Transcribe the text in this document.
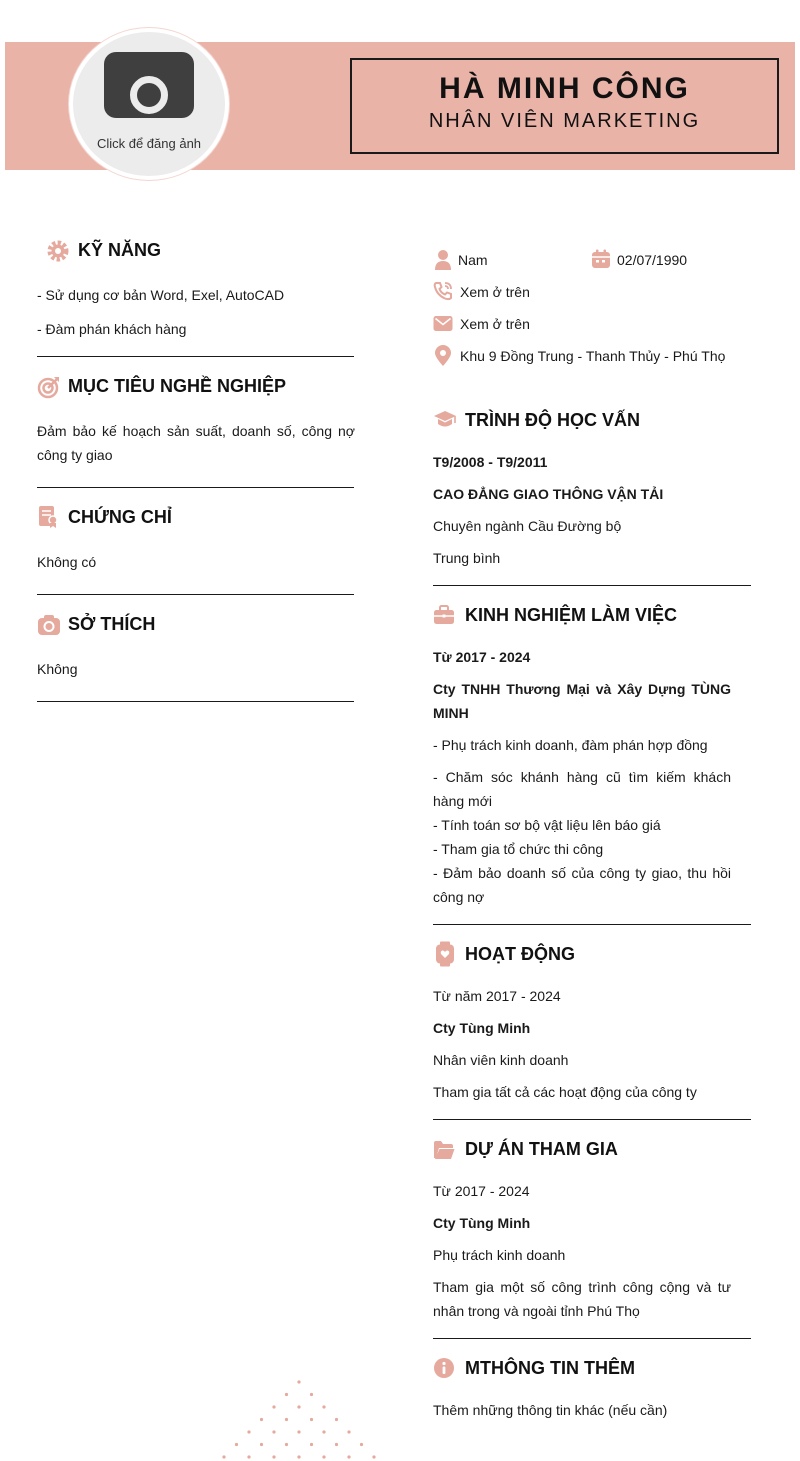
Click để đăng ảnh
HÀ MINH CÔNG
NHÂN VIÊN MARKETING
KỸ NĂNG
- Sử dụng cơ bản Word, Exel, AutoCAD
- Đàm phán khách hàng
MỤC TIÊU NGHỀ NGHIỆP
Đảm bảo kế hoạch sản suất, doanh số, công nợ công ty giao
CHỨNG CHỈ
Không có
SỞ THÍCH
Không
Nam	02/07/1990
Xem ở trên
Xem ở trên
Khu 9 Đồng Trung - Thanh Thủy - Phú Thọ
TRÌNH ĐỘ HỌC VẤN
T9/2008 - T9/2011
CAO ĐẲNG GIAO THÔNG VẬN TẢI
Chuyên ngành Cầu Đường bộ
Trung bình
KINH NGHIỆM LÀM VIỆC
Từ 2017 - 2024
Cty TNHH Thương Mại và Xây Dựng TÙNG MINH
- Phụ trách kinh doanh, đàm phán hợp đồng
- Chăm sóc khánh hàng cũ tìm kiếm khách hàng mới
- Tính toán sơ bộ vật liệu lên báo giá
- Tham gia tổ chức thi công
- Đảm bảo doanh số của công ty giao, thu hồi công nợ
HOẠT ĐỘNG
Từ năm 2017 - 2024
Cty Tùng Minh
Nhân viên kinh doanh
Tham gia tất cả các hoạt động của công ty
DỰ ÁN THAM GIA
Từ 2017 - 2024
Cty Tùng Minh
Phụ trách kinh doanh
Tham gia một số công trình công cộng và tư nhân trong và ngoài tỉnh Phú Thọ
MTHÔNG TIN THÊM
Thêm những thông tin khác (nếu cần)
